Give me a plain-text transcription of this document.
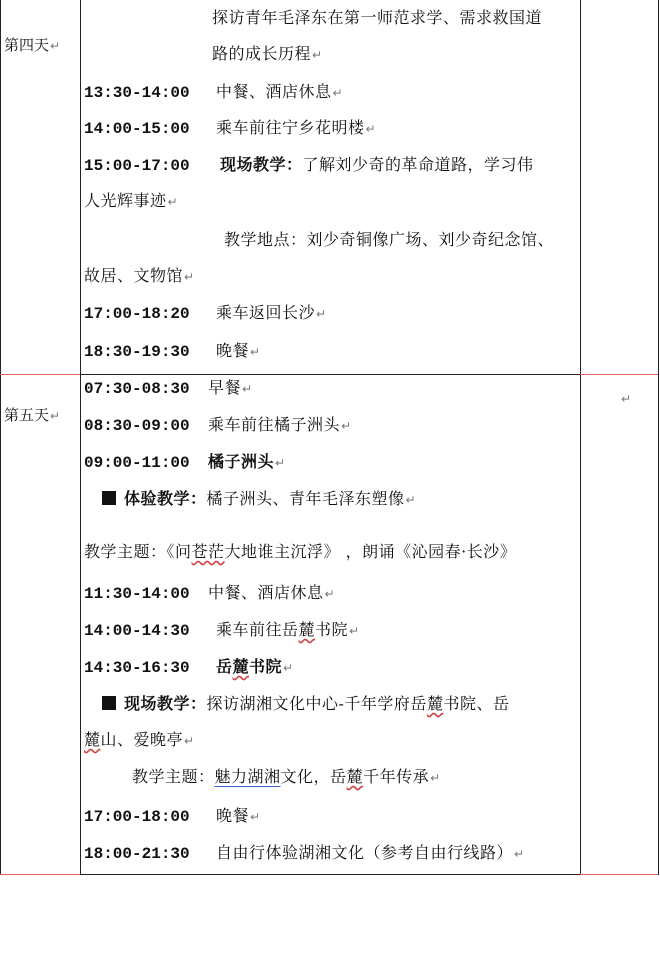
第四天↵
探访青年毛泽东在第一师范求学、需求救国道
路的成长历程↵
13:30-14:00 中餐、酒店休息↵
14:00-15:00 乘车前往宁乡花明楼↵
15:00-17:00 现场教学：了解刘少奇的革命道路，学习伟
人光辉事迹↵
教学地点：刘少奇铜像广场、刘少奇纪念馆、
故居、文物馆↵
17:00-18:20 乘车返回长沙↵
18:30-19:30 晚餐↵
第五天↵
↵
07:30-08:30 早餐↵
08:30-09:00 乘车前往橘子洲头↵
09:00-11:00 橘子洲头↵
体验教学：橘子洲头、青年毛泽东塑像↵
教学主题：《问苍茫大地谁主沉浮》 ，朗诵《沁园春·长沙》
11:30-14:00 中餐、酒店休息↵
14:00-14:30 乘车前往岳麓书院↵
14:30-16:30 岳麓书院↵
现场教学：探访湖湘文化中心-千年学府岳麓书院、岳
麓山、爱晚亭↵
教学主题：魅力湖湘文化，岳麓千年传承↵
17:00-18:00 晚餐↵
18:00-21:30 自由行体验湖湘文化（参考自由行线路）↵
